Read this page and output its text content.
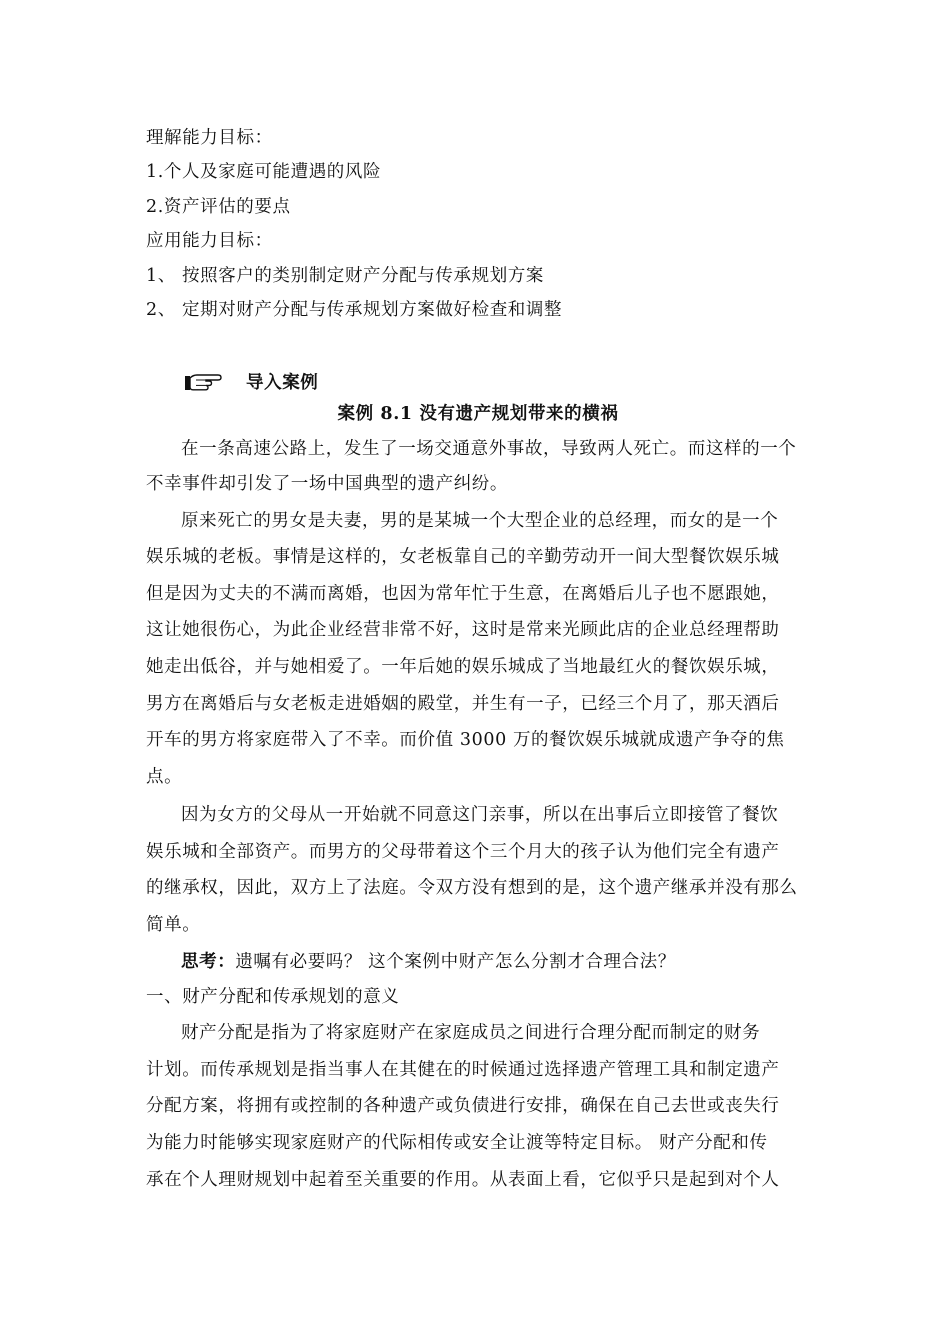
理解能力目标：
1.个人及家庭可能遭遇的风险
2.资产评估的要点
应用能力目标：
1、 按照客户的类别制定财产分配与传承规划方案
2、 定期对财产分配与传承规划方案做好检查和调整
导入案例
案例 8.1 没有遗产规划带来的横祸
在一条高速公路上，发生了一场交通意外事故，导致两人死亡。而这样的一个
不幸事件却引发了一场中国典型的遗产纠纷。
原来死亡的男女是夫妻，男的是某城一个大型企业的总经理，而女的是一个
娱乐城的老板。事情是这样的，女老板靠自己的辛勤劳动开一间大型餐饮娱乐城
但是因为丈夫的不满而离婚，也因为常年忙于生意，在离婚后儿子也不愿跟她，
这让她很伤心，为此企业经营非常不好，这时是常来光顾此店的企业总经理帮助
她走出低谷，并与她相爱了。一年后她的娱乐城成了当地最红火的餐饮娱乐城，
男方在离婚后与女老板走进婚姻的殿堂，并生有一子，已经三个月了，那天酒后
开车的男方将家庭带入了不幸。而价值 3000 万的餐饮娱乐城就成遗产争夺的焦
点。
因为女方的父母从一开始就不同意这门亲事，所以在出事后立即接管了餐饮
娱乐城和全部资产。而男方的父母带着这个三个月大的孩子认为他们完全有遗产
的继承权，因此，双方上了法庭。令双方没有想到的是，这个遗产继承并没有那么
简单。
思考：遗嘱有必要吗？ 这个案例中财产怎么分割才合理合法？
一、财产分配和传承规划的意义
财产分配是指为了将家庭财产在家庭成员之间进行合理分配而制定的财务
计划。而传承规划是指当事人在其健在的时候通过选择遗产管理工具和制定遗产
分配方案，将拥有或控制的各种遗产或负债进行安排，确保在自己去世或丧失行
为能力时能够实现家庭财产的代际相传或安全让渡等特定目标。 财产分配和传
承在个人理财规划中起着至关重要的作用。从表面上看，它似乎只是起到对个人
